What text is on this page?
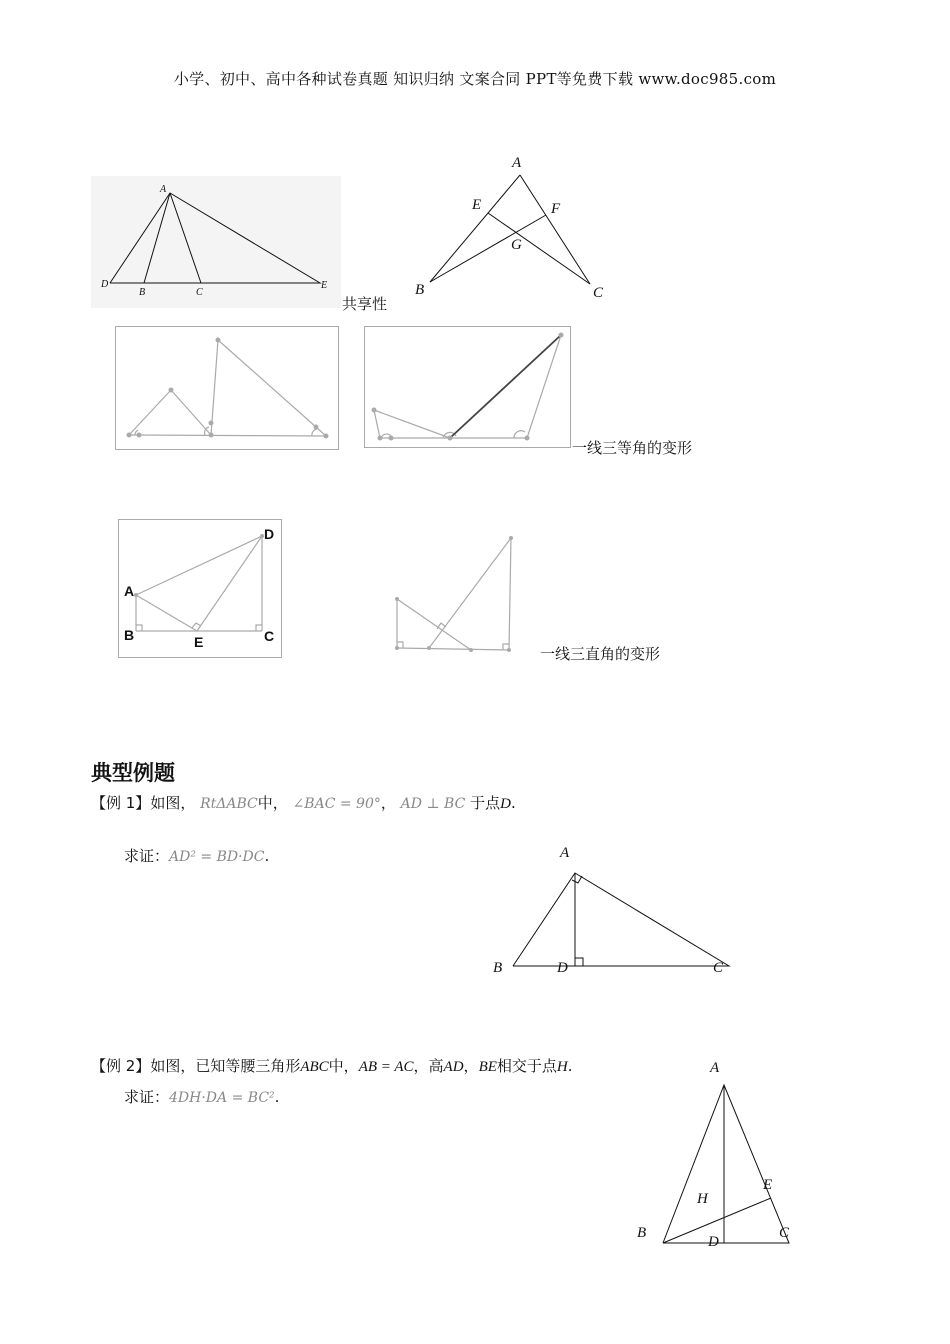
小学、初中、高中各种试卷真题 知识归纳 文案合同 PPT等免费下载 www.doc985.com
A
D
B	C
E
A
E	F
G
B	C
共享性
一线三等角的变形
D
A
B	E	C
一线三直角的变形
典型例题
【例 1】如图， RtΔABC中， ∠BAC = 90°， AD ⊥ BC 于点D.
求证：AD² = BD·DC.	A
B	D	C
【例 2】如图，已知等腰三角形ABC中，AB = AC，高AD，BE相交于点H.
求证：4DH·DA = BC².
A
H
E
B
D
C
